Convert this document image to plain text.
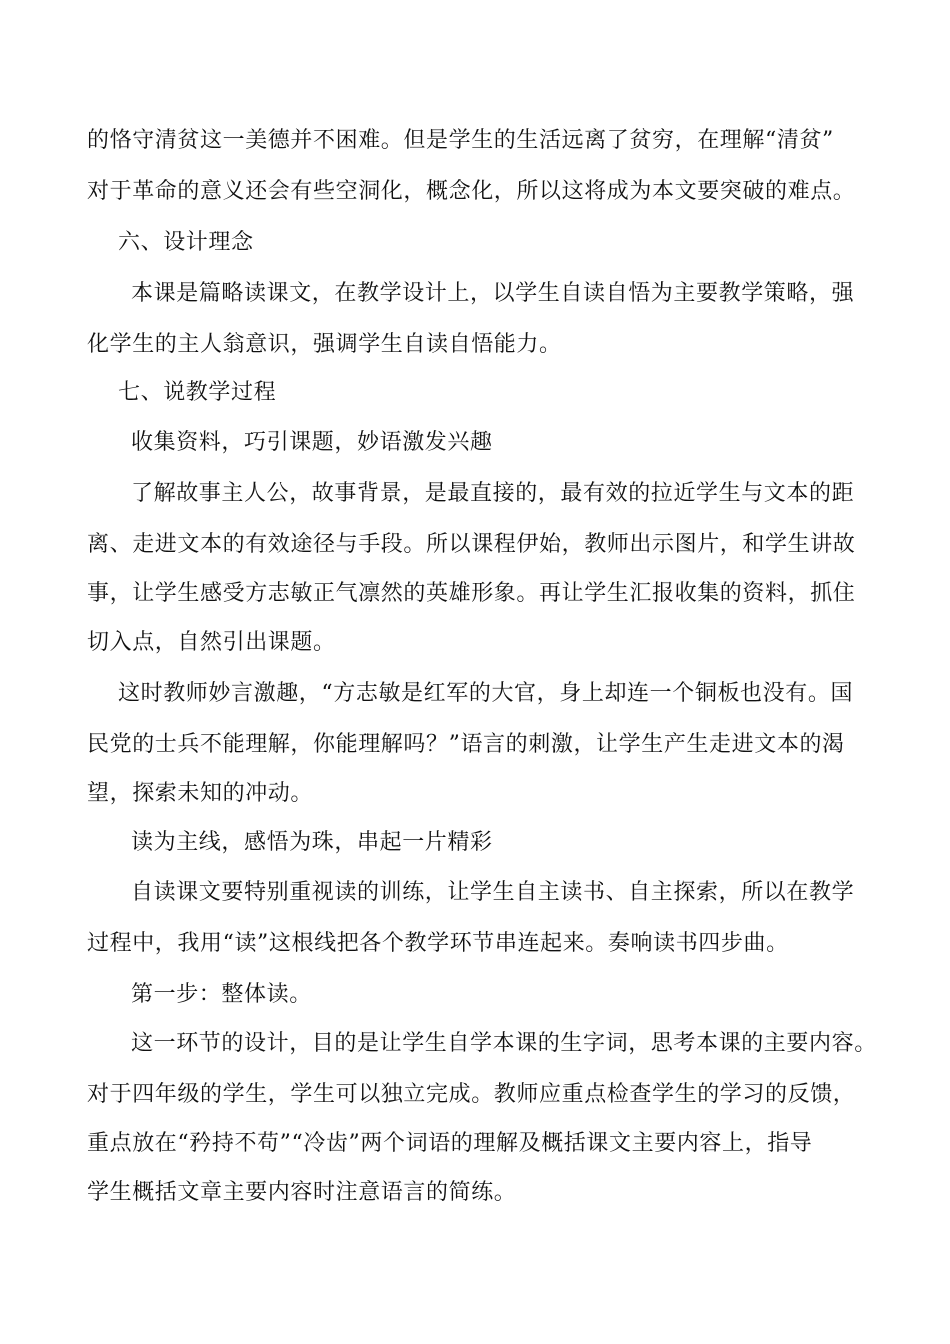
的恪守清贫这一美德并不困难。但是学生的生活远离了贫穷，在理解“清贫”
对于革命的意义还会有些空洞化，概念化，所以这将成为本文要突破的难点。
六、设计理念
本课是篇略读课文，在教学设计上，以学生自读自悟为主要教学策略，强
化学生的主人翁意识，强调学生自读自悟能力。
七、说教学过程
收集资料，巧引课题，妙语激发兴趣
了解故事主人公，故事背景，是最直接的，最有效的拉近学生与文本的距
离、走进文本的有效途径与手段。所以课程伊始，教师出示图片，和学生讲故
事，让学生感受方志敏正气凛然的英雄形象。再让学生汇报收集的资料，抓住
切入点，自然引出课题。
这时教师妙言激趣，“方志敏是红军的大官，身上却连一个铜板也没有。国
民党的士兵不能理解，你能理解吗？”语言的刺激，让学生产生走进文本的渴
望，探索未知的冲动。
读为主线，感悟为珠，串起一片精彩
自读课文要特别重视读的训练，让学生自主读书、自主探索，所以在教学
过程中，我用“读”这根线把各个教学环节串连起来。奏响读书四步曲。
第一步：整体读。
这一环节的设计，目的是让学生自学本课的生字词，思考本课的主要内容。
对于四年级的学生，学生可以独立完成。教师应重点检查学生的学习的反馈，
重点放在“矜持不苟”“冷齿”两个词语的理解及概括课文主要内容上，指导
学生概括文章主要内容时注意语言的简练。
